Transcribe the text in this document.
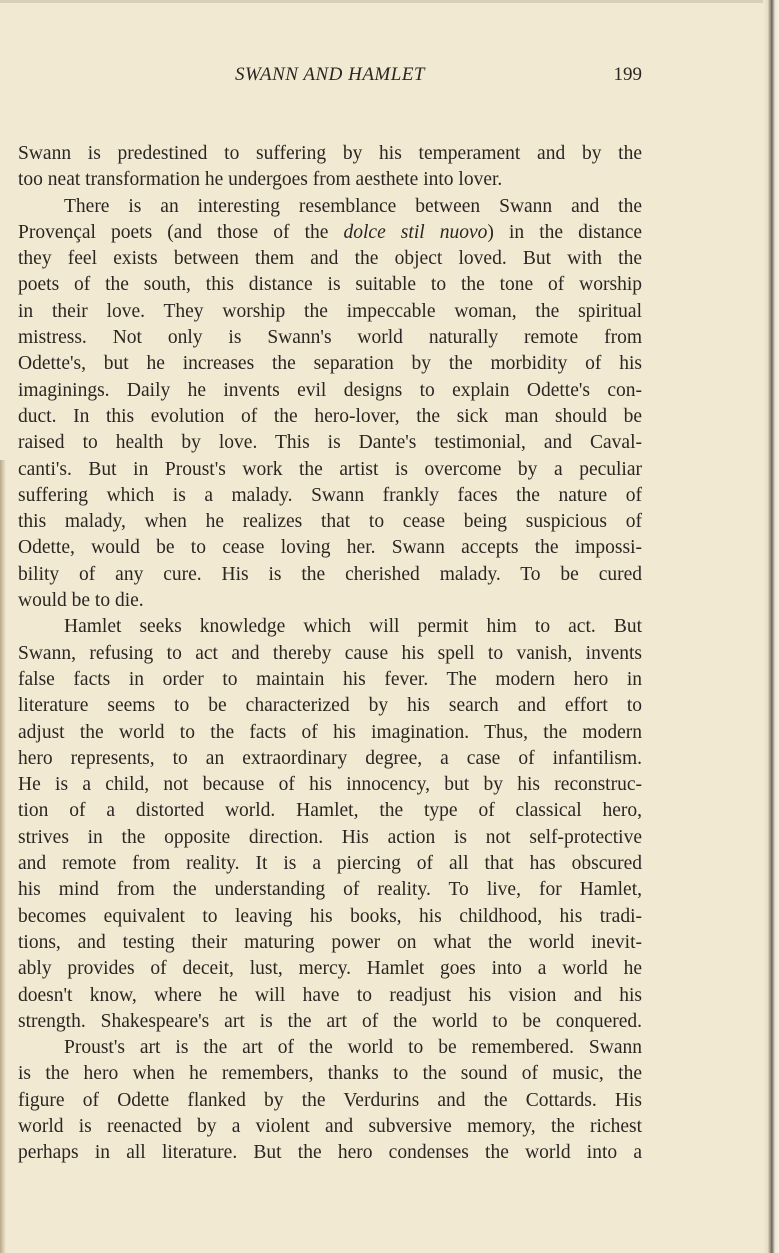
SWANN AND HAMLET	199
Swann is predestined to suffering by his temperament and by the
too neat transformation he undergoes from aesthete into lover.
There is an interesting resemblance between Swann and the
Provençal poets (and those of the dolce stil nuovo) in the distance
they feel exists between them and the object loved. But with the
poets of the south, this distance is suitable to the tone of worship
in their love. They worship the impeccable woman, the spiritual
mistress. Not only is Swann's world naturally remote from
Odette's, but he increases the separation by the morbidity of his
imaginings. Daily he invents evil designs to explain Odette's con-
duct. In this evolution of the hero-lover, the sick man should be
raised to health by love. This is Dante's testimonial, and Caval-
canti's. But in Proust's work the artist is overcome by a peculiar
suffering which is a malady. Swann frankly faces the nature of
this malady, when he realizes that to cease being suspicious of
Odette, would be to cease loving her. Swann accepts the impossi-
bility of any cure. His is the cherished malady. To be cured
would be to die.
Hamlet seeks knowledge which will permit him to act. But
Swann, refusing to act and thereby cause his spell to vanish, invents
false facts in order to maintain his fever. The modern hero in
literature seems to be characterized by his search and effort to
adjust the world to the facts of his imagination. Thus, the modern
hero represents, to an extraordinary degree, a case of infantilism.
He is a child, not because of his innocency, but by his reconstruc-
tion of a distorted world. Hamlet, the type of classical hero,
strives in the opposite direction. His action is not self-protective
and remote from reality. It is a piercing of all that has obscured
his mind from the understanding of reality. To live, for Hamlet,
becomes equivalent to leaving his books, his childhood, his tradi-
tions, and testing their maturing power on what the world inevit-
ably provides of deceit, lust, mercy. Hamlet goes into a world he
doesn't know, where he will have to readjust his vision and his
strength. Shakespeare's art is the art of the world to be conquered.
Proust's art is the art of the world to be remembered. Swann
is the hero when he remembers, thanks to the sound of music, the
figure of Odette flanked by the Verdurins and the Cottards. His
world is reenacted by a violent and subversive memory, the richest
perhaps in all literature. But the hero condenses the world into a
